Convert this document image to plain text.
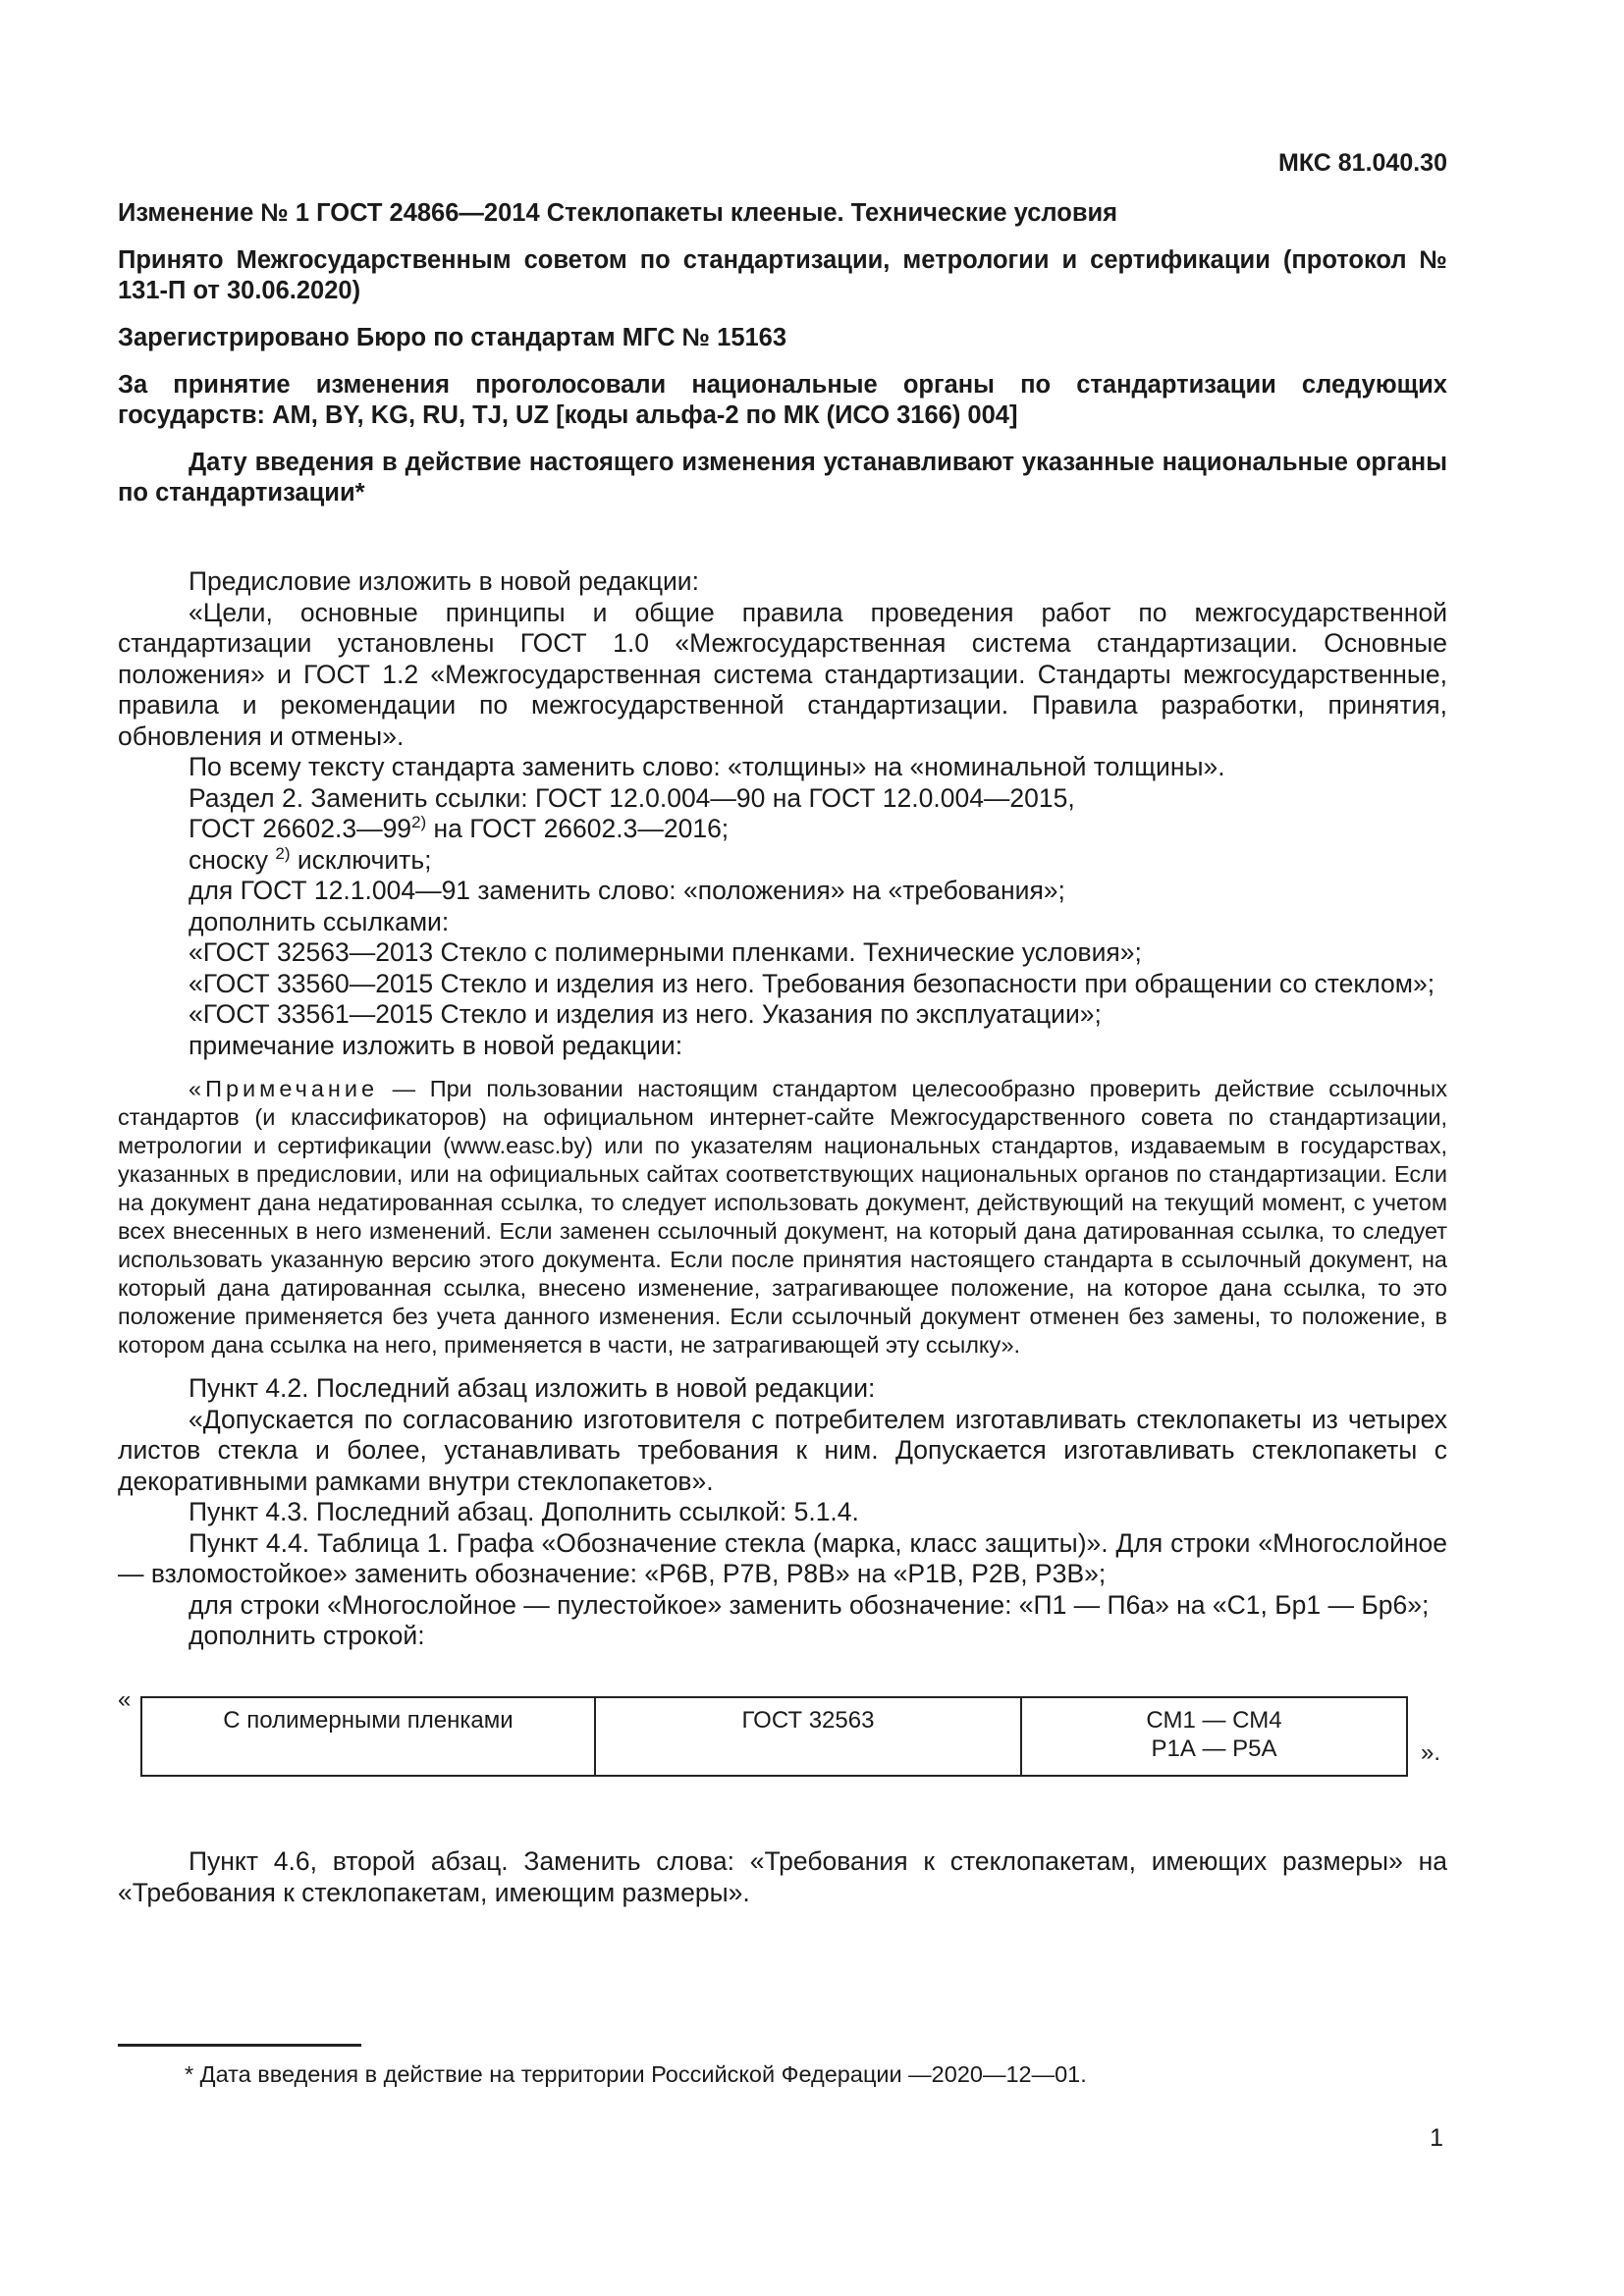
МКС 81.040.30

Изменение № 1 ГОСТ 24866—2014 Стеклопакеты клееные. Технические условия

Принято Межгосударственным советом по стандартизации, метрологии и сертификации (протокол № 131-П от 30.06.2020)

Зарегистрировано Бюро по стандартам МГС № 15163

За принятие изменения проголосовали национальные органы по стандартизации следующих государств: AM, BY, KG, RU, TJ, UZ [коды альфа-2 по МК (ИСО 3166) 004]

Дату введения в действие настоящего изменения устанавливают указанные национальные органы по стандартизации*

Предисловие изложить в новой редакции:

«Цели, основные принципы и общие правила проведения работ по межгосударственной стандартизации установлены ГОСТ 1.0 «Межгосударственная система стандартизации. Основные положения» и ГОСТ 1.2 «Межгосударственная система стандартизации. Стандарты межгосударственные, правила и рекомендации по межгосударственной стандартизации. Правила разработки, принятия, обновления и отмены».

По всему тексту стандарта заменить слово: «толщины» на «номинальной толщины».

Раздел 2. Заменить ссылки: ГОСТ 12.0.004—90 на ГОСТ 12.0.004—2015,

ГОСТ 26602.3—99$^{2)}$ на ГОСТ 26602.3—2016;

сноску $^{2)}$ исключить;

для ГОСТ 12.1.004—91 заменить слово: «положения» на «требования»;

дополнить ссылками:

«ГОСТ 32563—2013 Стекло с полимерными пленками. Технические условия»;

«ГОСТ 33560—2015 Стекло и изделия из него. Требования безопасности при обращении со стеклом»;

«ГОСТ 33561—2015 Стекло и изделия из него. Указания по эксплуатации»;

примечание изложить в новой редакции:

«Примечание — При пользовании настоящим стандартом целесообразно проверить действие ссылочных стандартов (и классификаторов) на официальном интернет-сайте Межгосударственного совета по стандартизации, метрологии и сертификации (www.easc.by) или по указателям национальных стандартов, издаваемым в государствах, указанных в предисловии, или на официальных сайтах соответствующих национальных органов по стандартизации. Если на документ дана недатированная ссылка, то следует использовать документ, действующий на текущий момент, с учетом всех внесенных в него изменений. Если заменен ссылочный документ, на который дана датированная ссылка, то следует использовать указанную версию этого документа. Если после принятия настоящего стандарта в ссылочный документ, на который дана датированная ссылка, внесено изменение, затрагивающее положение, на которое дана ссылка, то это положение применяется без учета данного изменения. Если ссылочный документ отменен без замены, то положение, в котором дана ссылка на него, применяется в части, не затрагивающей эту ссылку».

Пункт 4.2. Последний абзац изложить в новой редакции:

«Допускается по согласованию изготовителя с потребителем изготавливать стеклопакеты из четырех листов стекла и более, устанавливать требования к ним. Допускается изготавливать стеклопакеты с декоративными рамками внутри стеклопакетов».

Пункт 4.3. Последний абзац. Дополнить ссылкой: 5.1.4.

Пункт 4.4. Таблица 1. Графа «Обозначение стекла (марка, класс защиты)». Для строки «Многослойное — взломостойкое» заменить обозначение: «Р6В, Р7В, Р8В» на «Р1В, Р2В, Р3В»;

для строки «Многослойное — пулестойкое» заменить обозначение: «П1 — П6а» на «С1, Бр1 — Бр6»;

дополнить строкой:

Пункт 4.6, второй абзац. Заменить слова: «Требования к стеклопакетам, имеющих размеры» на «Требования к стеклопакетам, имеющим размеры».

«
С полимерными пленками	ГОСТ 32563	СМ1 — СМ4
Р1А — Р5А	».
* Дата введения в действие на территории Российской Федерации —2020—12—01.
1
